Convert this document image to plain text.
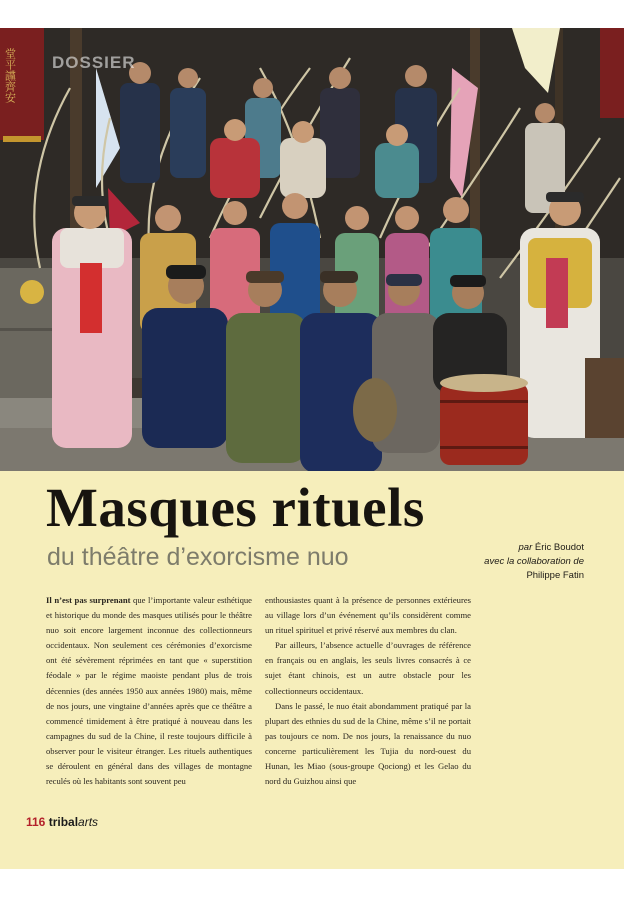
堂平讜齊安 DOSSIER
Masques rituels
du théâtre d’exorcisme nuo	par Éric Boudot
avec la collaboration de
Philippe Fatin

Il n’est pas surprenant que l’importante valeur esthétique et historique du monde des masques utilisés pour le théâtre nuo soit encore largement inconnue des collectionneurs occidentaux. Non seulement ces cérémonies d’exorcisme ont été sévèrement réprimées en tant que « superstition féodale » par le régime maoiste pendant plus de trois décennies (des années 1950 aux années 1980) mais, même de nos jours, une vingtaine d’années après que ce théâtre a commencé timidement à être pratiqué à nouveau dans les campagnes du sud de la Chine, il reste toujours difficile à observer pour le visiteur étranger. Les rituels authentiques se déroulent en général dans des villages de montagne reculés où les habitants sont souvent peu

enthousiastes quant à la présence de personnes extérieures au village lors d’un événement qu’ils considèrent comme un rituel spirituel et privé réservé aux membres du clan.

Par ailleurs, l’absence actuelle d’ouvrages de référence en français ou en anglais, les seuls livres consacrés à ce sujet étant chinois, est un autre obstacle pour les collectionneurs occidentaux.

Dans le passé, le nuo était abondamment pratiqué par la plupart des ethnies du sud de la Chine, même s’il ne portait pas toujours ce nom. De nos jours, la renaissance du nuo concerne particulièrement les Tujia du nord-ouest du Hunan, les Miao (sous-groupe Qociong) et les Gelao du nord du Guizhou ainsi que

116 tribalarts
